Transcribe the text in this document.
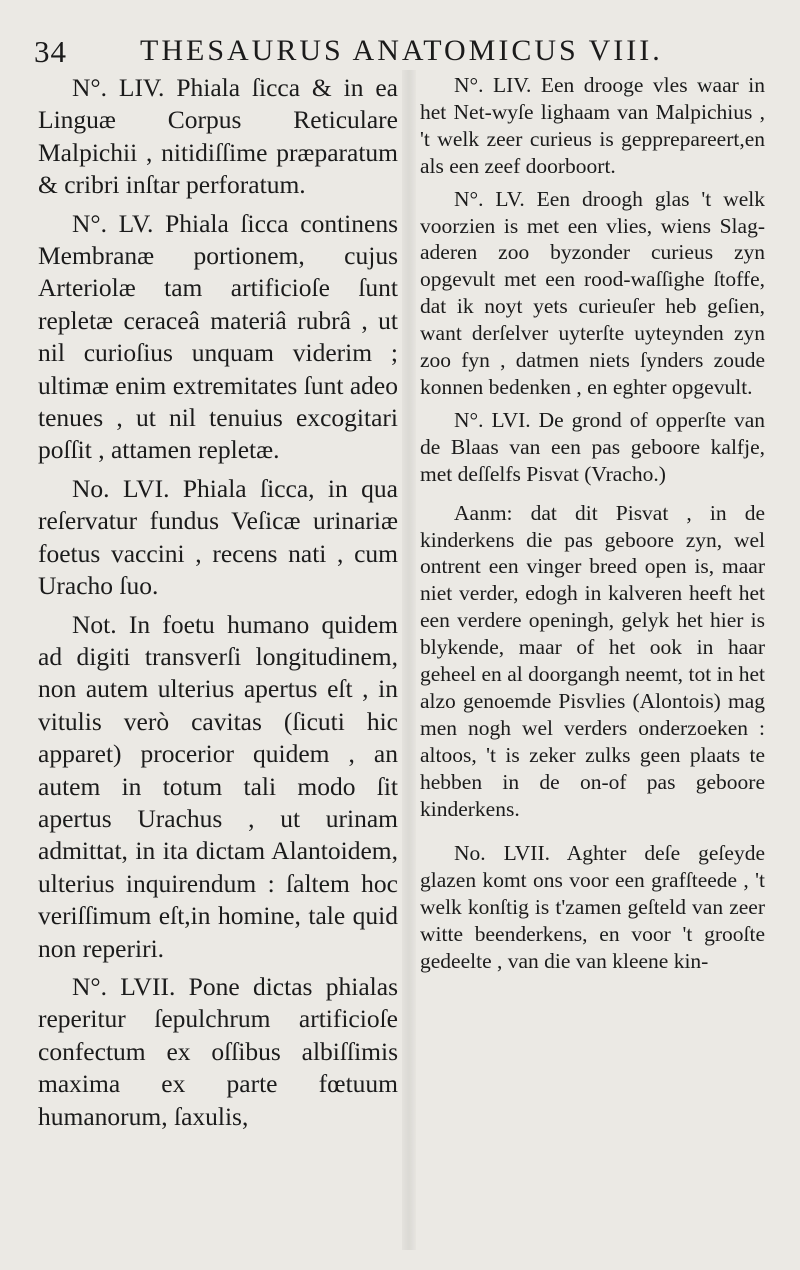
34 THESAURUS ANATOMICUS VIII.

N°. LIV. Phiala ſicca & in ea Linguæ Corpus Reticulare Malpichii , nitidiſſime præparatum & cribri inſtar perforatum.

N°. LV. Phiala ſicca continens Membranæ portionem, cujus Arteriolæ tam artificioſe ſunt repletæ ceraceâ materiâ rubrâ , ut nil curioſius unquam viderim ; ultimæ enim extremitates ſunt adeo tenues , ut nil tenuius excogitari poſſit , attamen repletæ.

No. LVI. Phiala ſicca, in qua reſervatur fundus Veſicæ urinariæ foetus vaccini , recens nati , cum Uracho ſuo.

Not. In foetu humano quidem ad digiti transverſi longitudinem, non autem ulterius apertus eſt , in vitulis verò cavitas (ſicuti hic apparet) procerior quidem , an autem in totum tali modo ſit apertus Urachus , ut urinam admittat, in ita dictam Alantoidem, ulterius inquirendum : ſaltem hoc veriſſimum eſt,in homine, tale quid non reperiri.

N°. LVII. Pone dictas phialas reperitur ſepulchrum artificioſe confectum ex oſſibus albiſſimis maxima ex parte fœtuum humanorum, ſaxulis,

N°. LIV. Een drooge vles waar in het Net-wyſe lighaam van Malpichius , 't welk zeer curieus is gepprepareert,en als een zeef doorboort.

N°. LV. Een droogh glas 't welk voorzien is met een vlies, wiens Slag-aderen zoo byzonder curieus zyn opgevult met een rood-waſſighe ſtoffe, dat ik noyt yets curieuſer heb geſien, want derſelver uyterſte uyteynden zyn zoo fyn , datmen niets ſynders zoude konnen bedenken , en eghter opgevult.

N°. LVI. De grond of opperſte van de Blaas van een pas geboore kalfje, met deſſelfs Pisvat (Vracho.)

Aanm: dat dit Pisvat , in de kinderkens die pas geboore zyn, wel ontrent een vinger breed open is, maar niet verder, edogh in kalveren heeft het een verdere openingh, gelyk het hier is blykende, maar of het ook in haar geheel en al doorgangh neemt, tot in het alzo genoemde Pisvlies (Alontois) mag men nogh wel verders onderzoeken : altoos, 't is zeker zulks geen plaats te hebben in de on-of pas geboore kinderkens.

No. LVII. Aghter deſe geſeyde glazen komt ons voor een grafſteede , 't welk konſtig is t'zamen geſteld van zeer witte beenderkens, en voor 't grooſte gedeelte , van die van kleene kin-
